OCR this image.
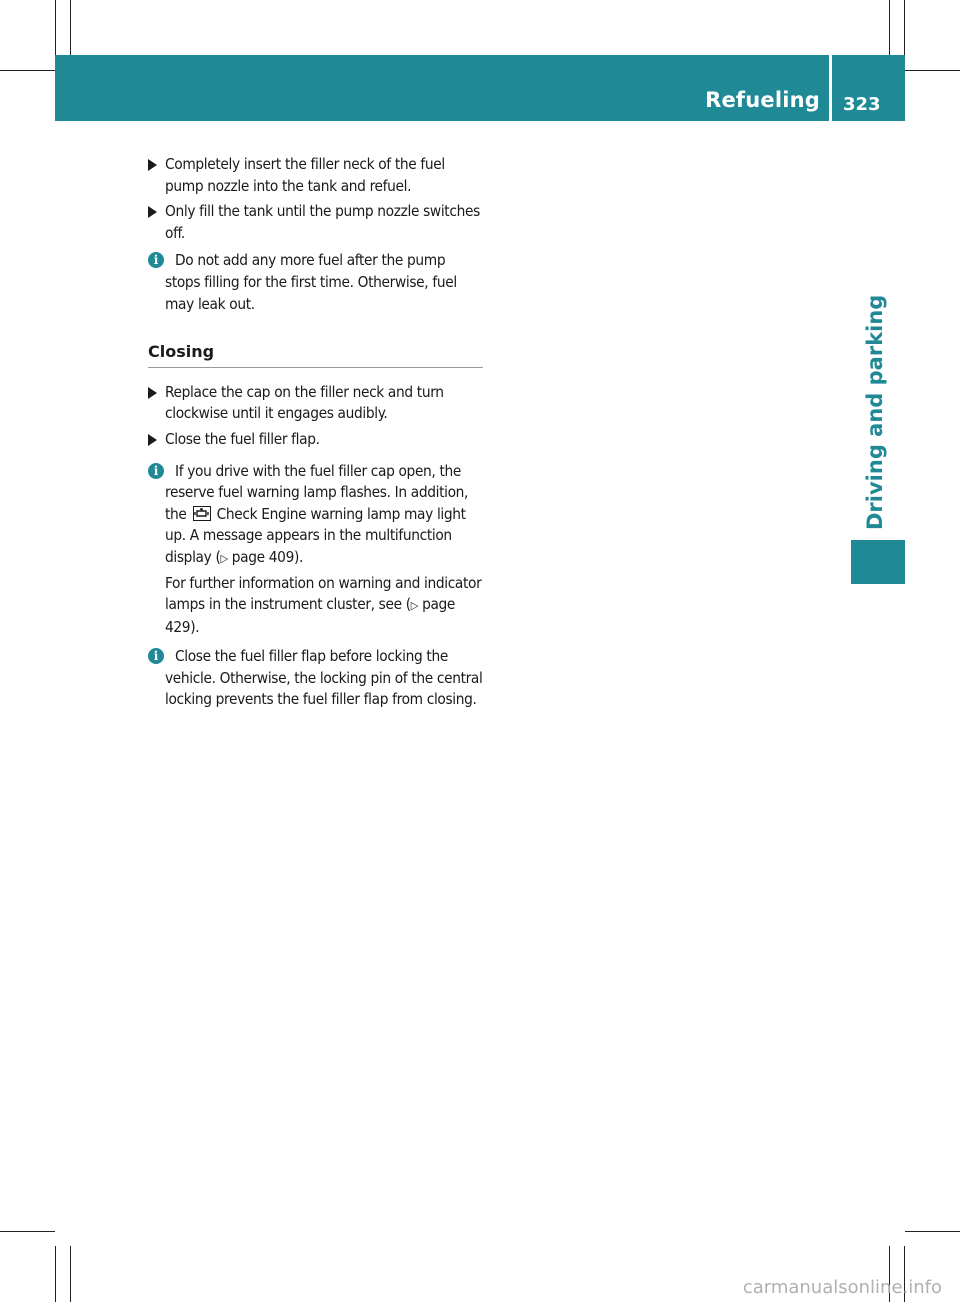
Refueling 323
Driving and parking
Completely insert the filler neck of the fuel pump nozzle into the tank and refuel.
Only fill the tank until the pump nozzle switches off.
i	Do not add any more fuel after the pump stops filling for the first time. Otherwise, fuel may leak out.

Closing
Replace the cap on the filler neck and turn clockwise until it engages audibly.
Close the fuel filler flap.
i	If you drive with the fuel filler cap open, the reserve fuel warning lamp flashes. In addition, the Check Engine warning lamp may light up. A message appears in the multifunction display (▷ page 409).

For further information on warning and indicator lamps in the instrument cluster, see (▷ page 429).

i	Close the fuel filler flap before locking the vehicle. Otherwise, the locking pin of the central locking prevents the fuel filler flap from closing.

carmanualsonline.info
